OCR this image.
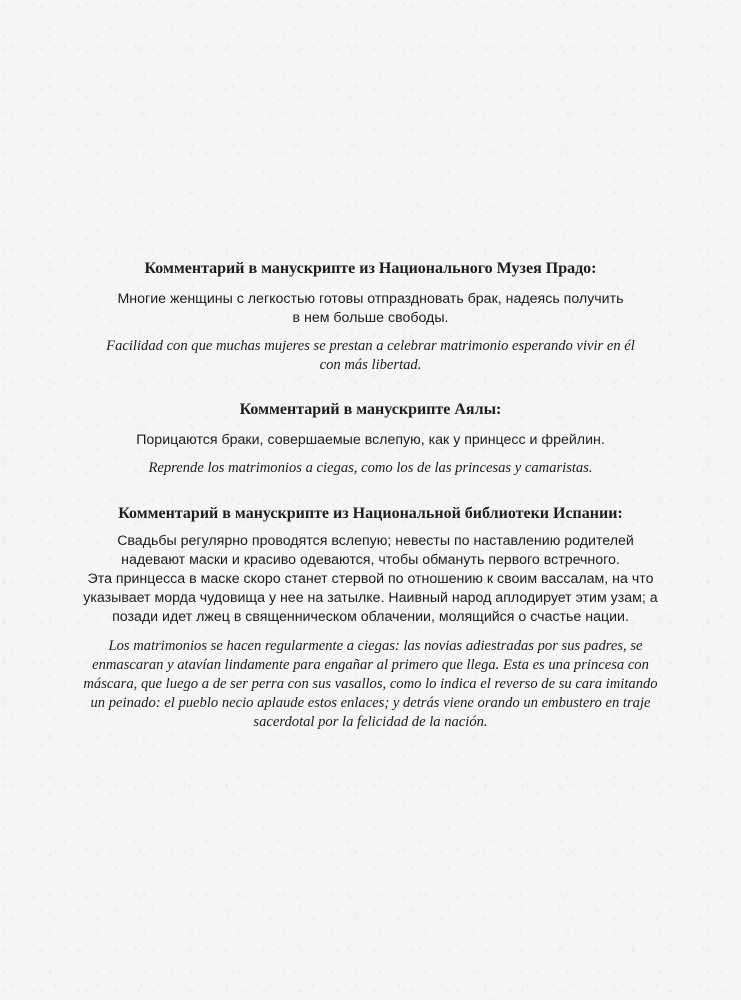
Комментарий в манускрипте из Национального Музея Прадо:
Многие женщины с легкостью готовы отпраздновать брак, надеясь получить
в нем больше свободы.
Facilidad con que muchas mujeres se prestan a celebrar matrimonio esperando vivir en él
con más libertad.
Комментарий в манускрипте Аялы:
Порицаются браки, совершаемые вслепую, как у принцесс и фрейлин.
Reprende los matrimonios a ciegas, como los de las princesas y camaristas.
Комментарий в манускрипте из Национальной библиотеки Испании:
Свадьбы регулярно проводятся вслепую; невесты по наставлению родителей
надевают маски и красиво одеваются, чтобы обмануть первого встречного.
Эта принцесса в маске скоро станет стервой по отношению к своим вассалам, на что
указывает морда чудовища у нее на затылке. Наивный народ аплодирует этим узам; а
позади идет лжец в священническом облачении, молящийся о счастье нации.
Los matrimonios se hacen regularmente a ciegas: las novias adiestradas por sus padres, se
enmascaran y atavían lindamente para engañar al primero que llega. Esta es una princesa con
máscara, que luego a de ser perra con sus vasallos, como lo indica el reverso de su cara imitando
un peinado: el pueblo necio aplaude estos enlaces; y detrás viene orando un embustero en traje
sacerdotal por la felicidad de la nación.
